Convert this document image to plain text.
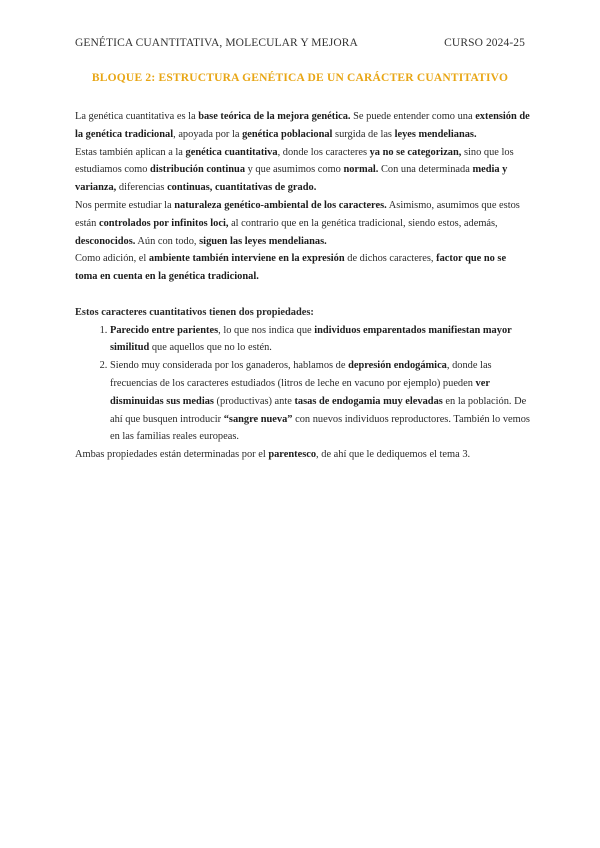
GENÉTICA CUANTITATIVA, MOLECULAR Y MEJORA	CURSO 2024-25
BLOQUE 2: ESTRUCTURA GENÉTICA DE UN CARÁCTER CUANTITATIVO

La genética cuantitativa es la base teórica de la mejora genética. Se puede entender como una extensión de la genética tradicional, apoyada por la genética poblacional surgida de las leyes mendelianas.

Estas también aplican a la genética cuantitativa, donde los caracteres ya no se categorizan, sino que los estudiamos como distribución continua y que asumimos como normal. Con una determinada media y varianza, diferencias continuas, cuantitativas de grado.

Nos permite estudiar la naturaleza genético-ambiental de los caracteres. Asimismo, asumimos que estos están controlados por infinitos loci, al contrario que en la genética tradicional, siendo estos, además, desconocidos. Aún con todo, siguen las leyes mendelianas.

Como adición, el ambiente también interviene en la expresión de dichos caracteres, factor que no se toma en cuenta en la genética tradicional.

Estos caracteres cuantitativos tienen dos propiedades:

1. Parecido entre parientes, lo que nos indica que individuos emparentados manifiestan mayor similitud que aquellos que no lo estén.
2. Siendo muy considerada por los ganaderos, hablamos de depresión endogámica, donde las frecuencias de los caracteres estudiados (litros de leche en vacuno por ejemplo) pueden ver disminuidas sus medias (productivas) ante tasas de endogamia muy elevadas en la población. De ahí que busquen introducir “sangre nueva” con nuevos individuos reproductores. También lo vemos en las familias reales europeas.

Ambas propiedades están determinadas por el parentesco, de ahí que le dediquemos el tema 3.
